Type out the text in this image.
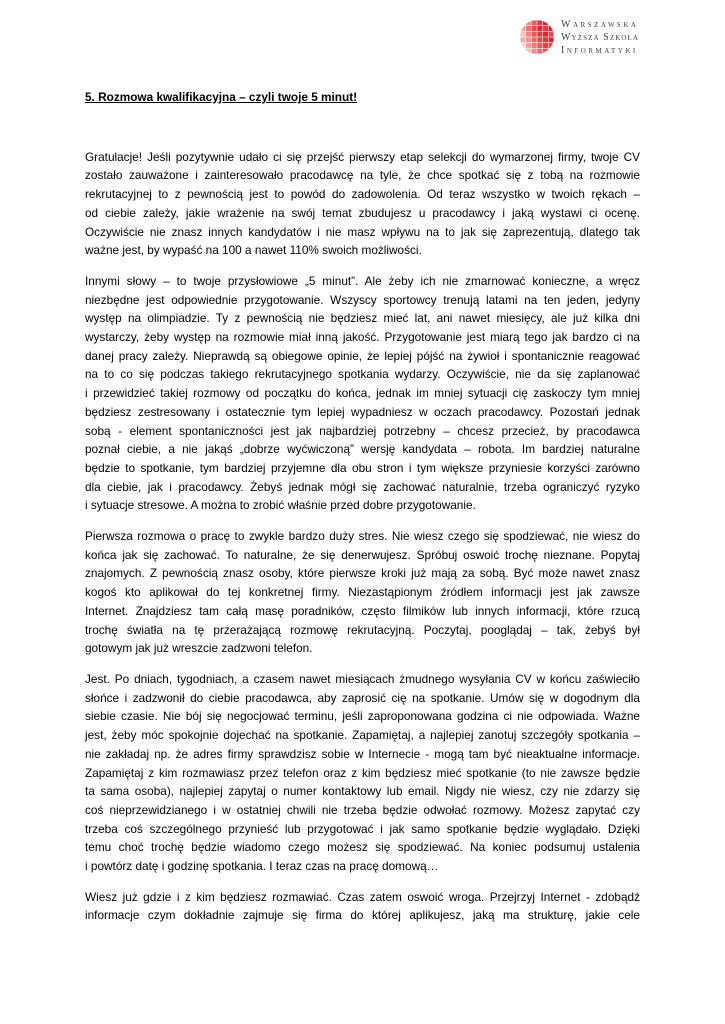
Warszawska
Wyższa Szkoła
Informatyki
5. Rozmowa kwalifikacyjna – czyli twoje 5 minut!
Gratulacje! Jeśli pozytywnie udało ci się przejść pierwszy etap selekcji do wymarzonej firmy, twoje CV
zostało zauważone i zainteresowało pracodawcę na tyle, że chce spotkać się z tobą na rozmowie
rekrutacyjnej to z pewnością jest to powód do zadowolenia. Od teraz wszystko w twoich rękach –
od ciebie zależy, jakie wrażenie na swój temat zbudujesz u pracodawcy i jaką wystawi ci ocenę.
Oczywiście nie znasz innych kandydatów i nie masz wpływu na to jak się zaprezentują, dlatego tak
ważne jest, by wypaść na 100 a nawet 110% swoich możliwości.
Innymi słowy – to twoje przysłowiowe „5 minut”. Ale żeby ich nie zmarnować konieczne, a wręcz
niezbędne jest odpowiednie przygotowanie. Wszyscy sportowcy trenują latami na ten jeden, jedyny
występ na olimpiadzie. Ty z pewnością nie będziesz mieć lat, ani nawet miesięcy, ale już kilka dni
wystarczy, żeby występ na rozmowie miał inną jakość. Przygotowanie jest miarą tego jak bardzo ci na
danej pracy zależy. Nieprawdą są obiegowe opinie, że lepiej pójść na żywioł i spontanicznie reagować
na to co się podczas takiego rekrutacyjnego spotkania wydarzy. Oczywiście, nie da się zaplanować
i przewidzieć takiej rozmowy od początku do końca, jednak im mniej sytuacji cię zaskoczy tym mniej
będziesz zestresowany i ostatecznie tym lepiej wypadniesz w oczach pracodawcy. Pozostań jednak
sobą - element spontaniczności jest jak najbardziej potrzebny – chcesz przecież, by pracodawca
poznał ciebie, a nie jakąś „dobrze wyćwiczoną” wersję kandydata – robota. Im bardziej naturalne
będzie to spotkanie, tym bardziej przyjemne dla obu stron i tym większe przyniesie korzyści zarówno
dla ciebie, jak i pracodawcy. Żebyś jednak mógł się zachować naturalnie, trzeba ograniczyć ryzyko
i sytuacje stresowe. A można to zrobić właśnie przed dobre przygotowanie.
Pierwsza rozmowa o pracę to zwykle bardzo duży stres. Nie wiesz czego się spodziewać, nie wiesz do
końca jak się zachować. To naturalne, że się denerwujesz. Spróbuj oswoić trochę nieznane. Popytaj
znajomych. Z pewnością znasz osoby, które pierwsze kroki już mają za sobą. Być może nawet znasz
kogoś kto aplikował do tej konkretnej firmy. Niezastąpionym źródłem informacji jest jak zawsze
Internet. Znajdziesz tam całą masę poradników, często filmików lub innych informacji, które rzucą
trochę światła na tę przerażającą rozmowę rekrutacyjną. Poczytaj, pooglądaj – tak, żebyś był
gotowym jak już wreszcie zadzwoni telefon.
Jest. Po dniach, tygodniach, a czasem nawet miesiącach żmudnego wysyłania CV w końcu zaświeciło
słońce i zadzwonił do ciebie pracodawca, aby zaprosić cię na spotkanie. Umów się w dogodnym dla
siebie czasie. Nie bój się negocjować terminu, jeśli zaproponowana godzina ci nie odpowiada. Ważne
jest, żeby móc spokojnie dojechać na spotkanie. Zapamiętaj, a najlepiej zanotuj szczegóły spotkania –
nie zakładaj np. że adres firmy sprawdzisz sobie w Internecie - mogą tam być nieaktualne informacje.
Zapamiętaj z kim rozmawiasz przez telefon oraz z kim będziesz mieć spotkanie (to nie zawsze będzie
ta sama osoba), najlepiej zapytaj o numer kontaktowy lub email. Nigdy nie wiesz, czy nie zdarzy się
coś nieprzewidzianego i w ostatniej chwili nie trzeba będzie odwołać rozmowy. Możesz zapytać czy
trzeba coś szczególnego przynieść lub przygotować i jak samo spotkanie będzie wyglądało. Dzięki
temu choć trochę będzie wiadomo czego możesz się spodziewać. Na koniec podsumuj ustalenia
i powtórz datę i godzinę spotkania. I teraz czas na pracę domową…
Wiesz już gdzie i z kim będziesz rozmawiać. Czas zatem oswoić wroga. Przejrzyj Internet - zdobądź
informacje czym dokładnie zajmuje się firma do której aplikujesz, jaką ma strukturę, jakie cele
